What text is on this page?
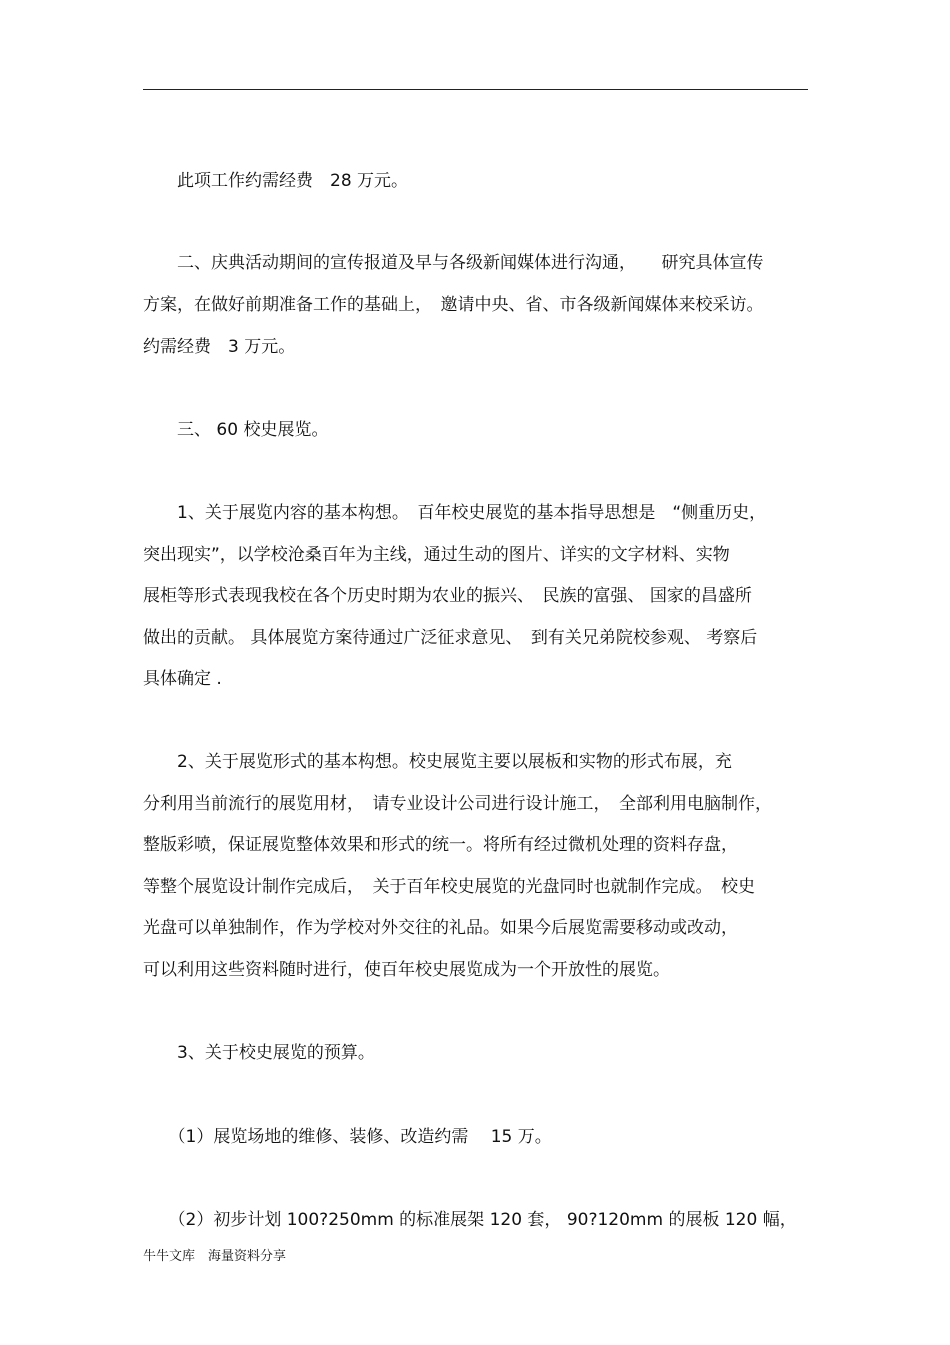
　　此项工作约需经费　28 万元。
　　二、庆典活动期间的宣传报道及早与各级新闻媒体进行沟通，　　研究具体宣传
方案，在做好前期准备工作的基础上，　邀请中央、省、市各级新闻媒体来校采访。
约需经费　3 万元。
　　三、 60 校史展览。
　　1、关于展览内容的基本构想。　百年校史展览的基本指导思想是　“侧重历史，
突出现实”，以学校沧桑百年为主线，通过生动的图片、详实的文字材料、实物
展柜等形式表现我校在各个历史时期为农业的振兴、　民族的富强、 国家的昌盛所
做出的贡献。 具体展览方案待通过广泛征求意见、　到有关兄弟院校参观、 考察后
具体确定 .
　　2、关于展览形式的基本构想。校史展览主要以展板和实物的形式布展，充
分利用当前流行的展览用材，　请专业设计公司进行设计施工，　全部利用电脑制作，
整版彩喷，保证展览整体效果和形式的统一。将所有经过微机处理的资料存盘，
等整个展览设计制作完成后，　关于百年校史展览的光盘同时也就制作完成。　校史
光盘可以单独制作，作为学校对外交往的礼品。如果今后展览需要移动或改动，
可以利用这些资料随时进行，使百年校史展览成为一个开放性的展览。
　　3、关于校史展览的预算。
　　（1）展览场地的维修、装修、改造约需　 15 万。
　　（2）初步计划 100?250mm 的标准展架 120 套， 90?120mm 的展板 120 幅，
牛牛文库　海量资料分享
